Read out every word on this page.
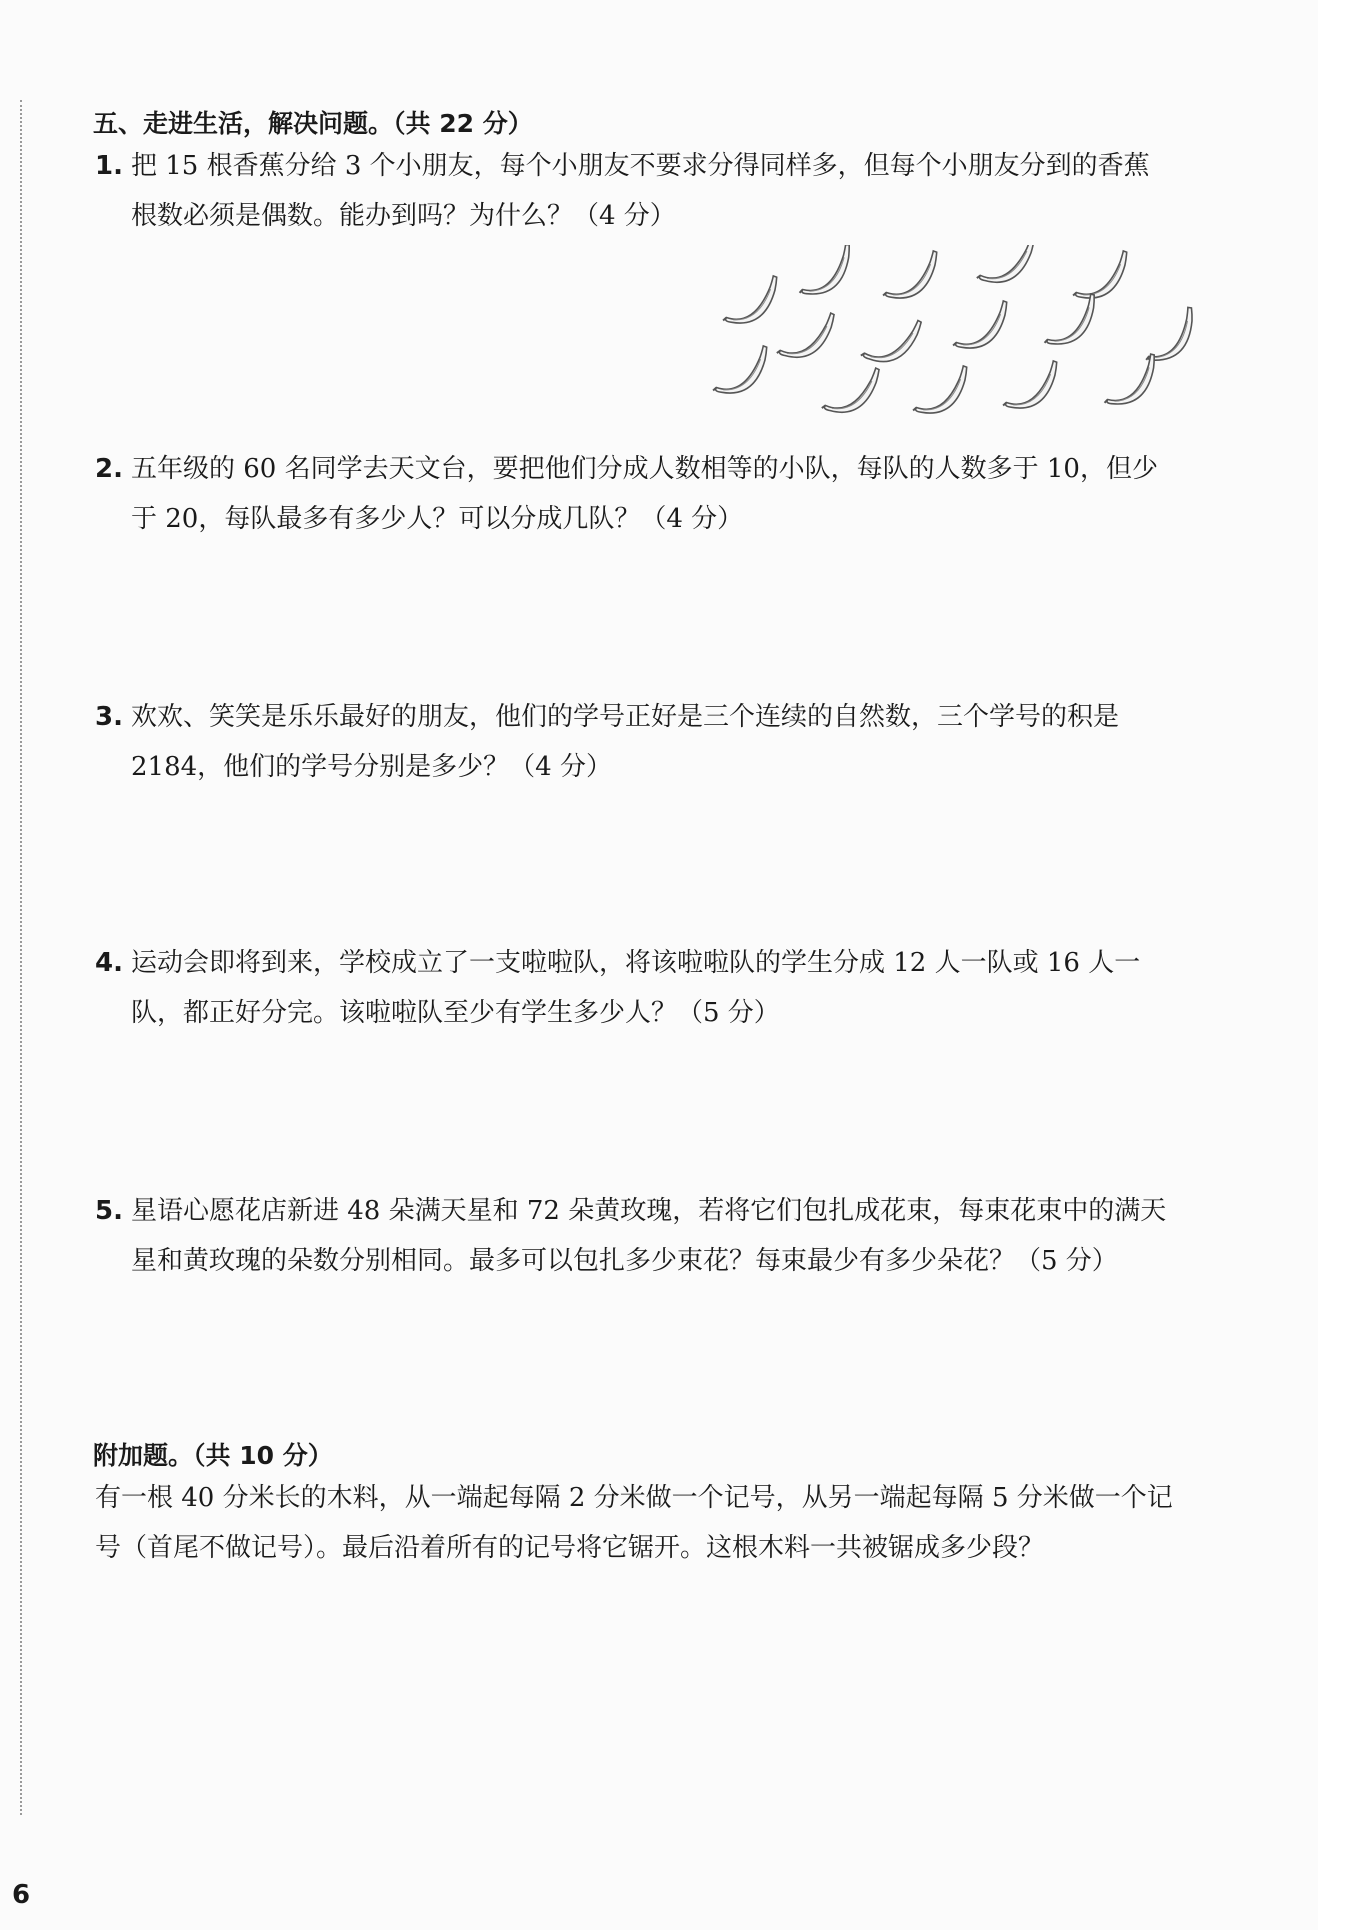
五、走进生活，解决问题。（共 22 分）
1. 把 15 根香蕉分给 3 个小朋友，每个小朋友不要求分得同样多，但每个小朋友分到的香蕉
根数必须是偶数。能办到吗？为什么？（4 分）
2. 五年级的 60 名同学去天文台，要把他们分成人数相等的小队，每队的人数多于 10，但少
于 20，每队最多有多少人？可以分成几队？（4 分）
3. 欢欢、笑笑是乐乐最好的朋友，他们的学号正好是三个连续的自然数，三个学号的积是
2184，他们的学号分别是多少？（4 分）
4. 运动会即将到来，学校成立了一支啦啦队，将该啦啦队的学生分成 12 人一队或 16 人一
队，都正好分完。该啦啦队至少有学生多少人？（5 分）
5. 星语心愿花店新进 48 朵满天星和 72 朵黄玫瑰，若将它们包扎成花束，每束花束中的满天
星和黄玫瑰的朵数分别相同。最多可以包扎多少束花？每束最少有多少朵花？（5 分）
附加题。（共 10 分）
有一根 40 分米长的木料，从一端起每隔 2 分米做一个记号，从另一端起每隔 5 分米做一个记
号（首尾不做记号）。最后沿着所有的记号将它锯开。这根木料一共被锯成多少段？
6
